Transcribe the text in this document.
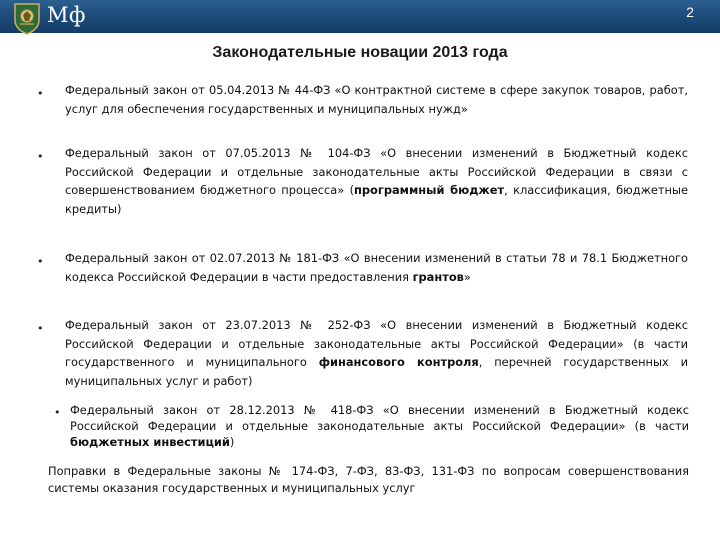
Мф	2
Законодательные новации 2013 года
• Федеральный закон от 05.04.2013 № 44-ФЗ «О контрактной системе в сфере закупок товаров, работ, услуг для обеспечения государственных и муниципальных нужд»
• Федеральный закон от 07.05.2013 № 104-ФЗ «О внесении изменений в Бюджетный кодекс Российской Федерации и отдельные законодательные акты Российской Федерации в связи с совершенствованием бюджетного процесса» (программный бюджет, классификация, бюджетные кредиты)
• Федеральный закон от 02.07.2013 № 181-ФЗ «О внесении изменений в статьи 78 и 78.1 Бюджетного кодекса Российской Федерации в части предоставления грантов»
• Федеральный закон от 23.07.2013 № 252-ФЗ «О внесении изменений в Бюджетный кодекс Российской Федерации и отдельные законодательные акты Российской Федерации» (в части государственного и муниципального финансового контроля, перечней государственных и муниципальных услуг и работ)
• Федеральный закон от 28.12.2013 № 418-ФЗ «О внесении изменений в Бюджетный кодекс Российской Федерации и отдельные законодательные акты Российской Федерации» (в части бюджетных инвестиций)
Поправки в Федеральные законы № 174-ФЗ, 7-ФЗ, 83-ФЗ, 131-ФЗ по вопросам совершенствования системы оказания государственных и муниципальных услуг
